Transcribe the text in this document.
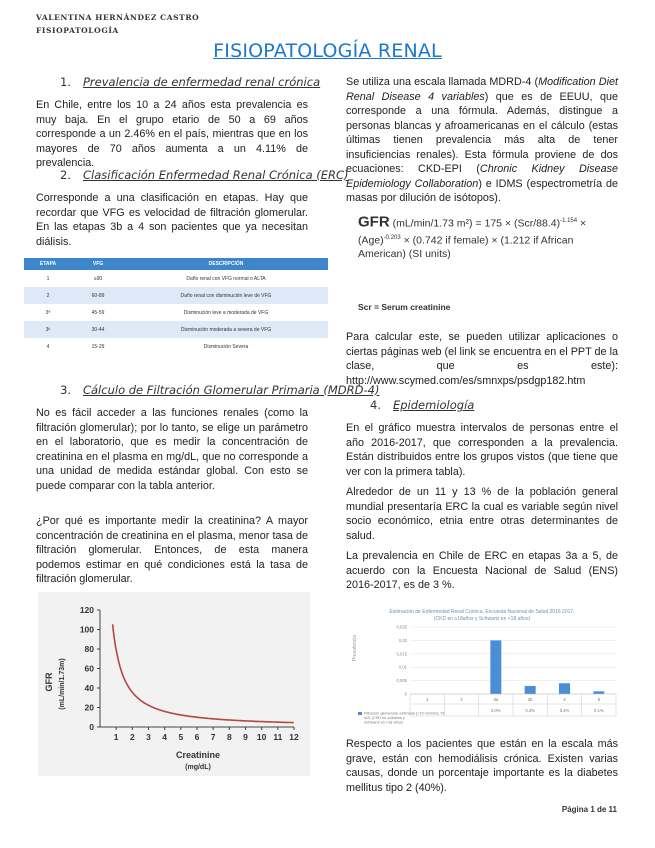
VALENTINA HERNÁNDEZ CASTRO
FISIOPATOLOGÍA
FISIOPATOLOGÍA RENAL
1. Prevalencia de enfermedad renal crónica
En Chile, entre los 10 a 24 años esta prevalencia es muy baja. En el grupo etario de 50 a 69 años corresponde a un 2.46% en el país, mientras que en los mayores de 70 años aumenta a un 4.11% de prevalencia.
2. Clasificación Enfermedad Renal Crónica (ERC)
Corresponde a una clasificación en etapas. Hay que recordar que VFG es velocidad de filtración glomerular. En las etapas 3b a 4 son pacientes que ya necesitan diálisis.
ETAPA	VFG	DESCRIPCIÓN
1	≥90	Daño renal con VFG normal o ALTA
2	60-89	Daño renal con disminución leve de VFG
3ª	45-59	Disminución leve a moderada de VFG
3ᵇ	30-44	Disminución moderada a severa de VFG
4	15-29	Disminución Severa
3. Cálculo de Filtración Glomerular Primaria (MDRD-4)
No es fácil acceder a las funciones renales (como la filtración glomerular); por lo tanto, se elige un parámetro en el laboratorio, que es medir la concentración de creatinina en el plasma en mg/dL, que no corresponde a una unidad de medida estándar global. Con esto se puede comparar con la tabla anterior.
¿Por qué es importante medir la creatinina? A mayor concentración de creatinina en el plasma, menor tasa de filtración glomerular. Entonces, de esta manera podemos estimar en qué condiciones está la tasa de filtración glomerular.
0
20
40
60
80
100
120
1 2 3 4 5 6 7 8 9 10 11 12
GFR (mL/min/1.73m)
Creatinine
(mg/dL)
Se utiliza una escala llamada MDRD-4 (Modification Diet Renal Disease 4 variables) que es de EEUU, que corresponde a una fórmula. Además, distingue a personas blancas y afroamericanas en el cálculo (estas últimas tienen prevalencia más alta de tener insuficiencias renales). Esta fórmula proviene de dos ecuaciones: CKD-EPI (Chronic Kidney Disease Epidemiology Collaboration) e IDMS (espectrometría de masas por dilución de isótopos).
GFR (mL/min/1.73 $m^2) = 175 \times (Scr/88.4)^{-1.154}$ ×
(Age)$^{-0.203}$ × (0.742 if female) × (1.212 if African
American) (SI units)
Scr = Serum creatinine
Para calcular este, se pueden utilizar aplicaciones o ciertas páginas web (el link se encuentra en el PPT de la clase, que es este): http://www.scymed.com/es/smnxps/psdgp182.htm
4. Epidemiología
En el gráfico muestra intervalos de personas entre el año 2016-2017, que corresponden a la prevalencia. Están distribuidos entre los grupos vistos (que tiene que ver con la primera tabla).
Alrededor de un 11 y 13 % de la población general mundial presentaría ERC la cual es variable según nivel socio económico, etnia entre otras determinantes de salud.
La prevalencia en Chile de ERC en etapas 3a a 5, de acuerdo con la Encuesta Nacional de Salud (ENS) 2016-2017, es de 3 %.
Estimación de Enfermedad Renal Crónica, Encuesta Nacional de Salud 2016 2017,
(CKD en ≥18años y Schwartz en <18 años)
Prevalencia
0,025
0,02
0,015
0,01
0,005
0
1	2	3a
2,0%
3b
0,3%
4
0,4%
5
0,1%
Filtración glomerular estimada (<15 ml/min/1.73
m2) (CKD en ≥18años y
Schwartz en <18 años)
Respecto a los pacientes que están en la escala más grave, están con hemodiálisis crónica. Existen varias causas, donde un porcentaje importante es la diabetes mellitus tipo 2 (40%).
Página 1 de 11
